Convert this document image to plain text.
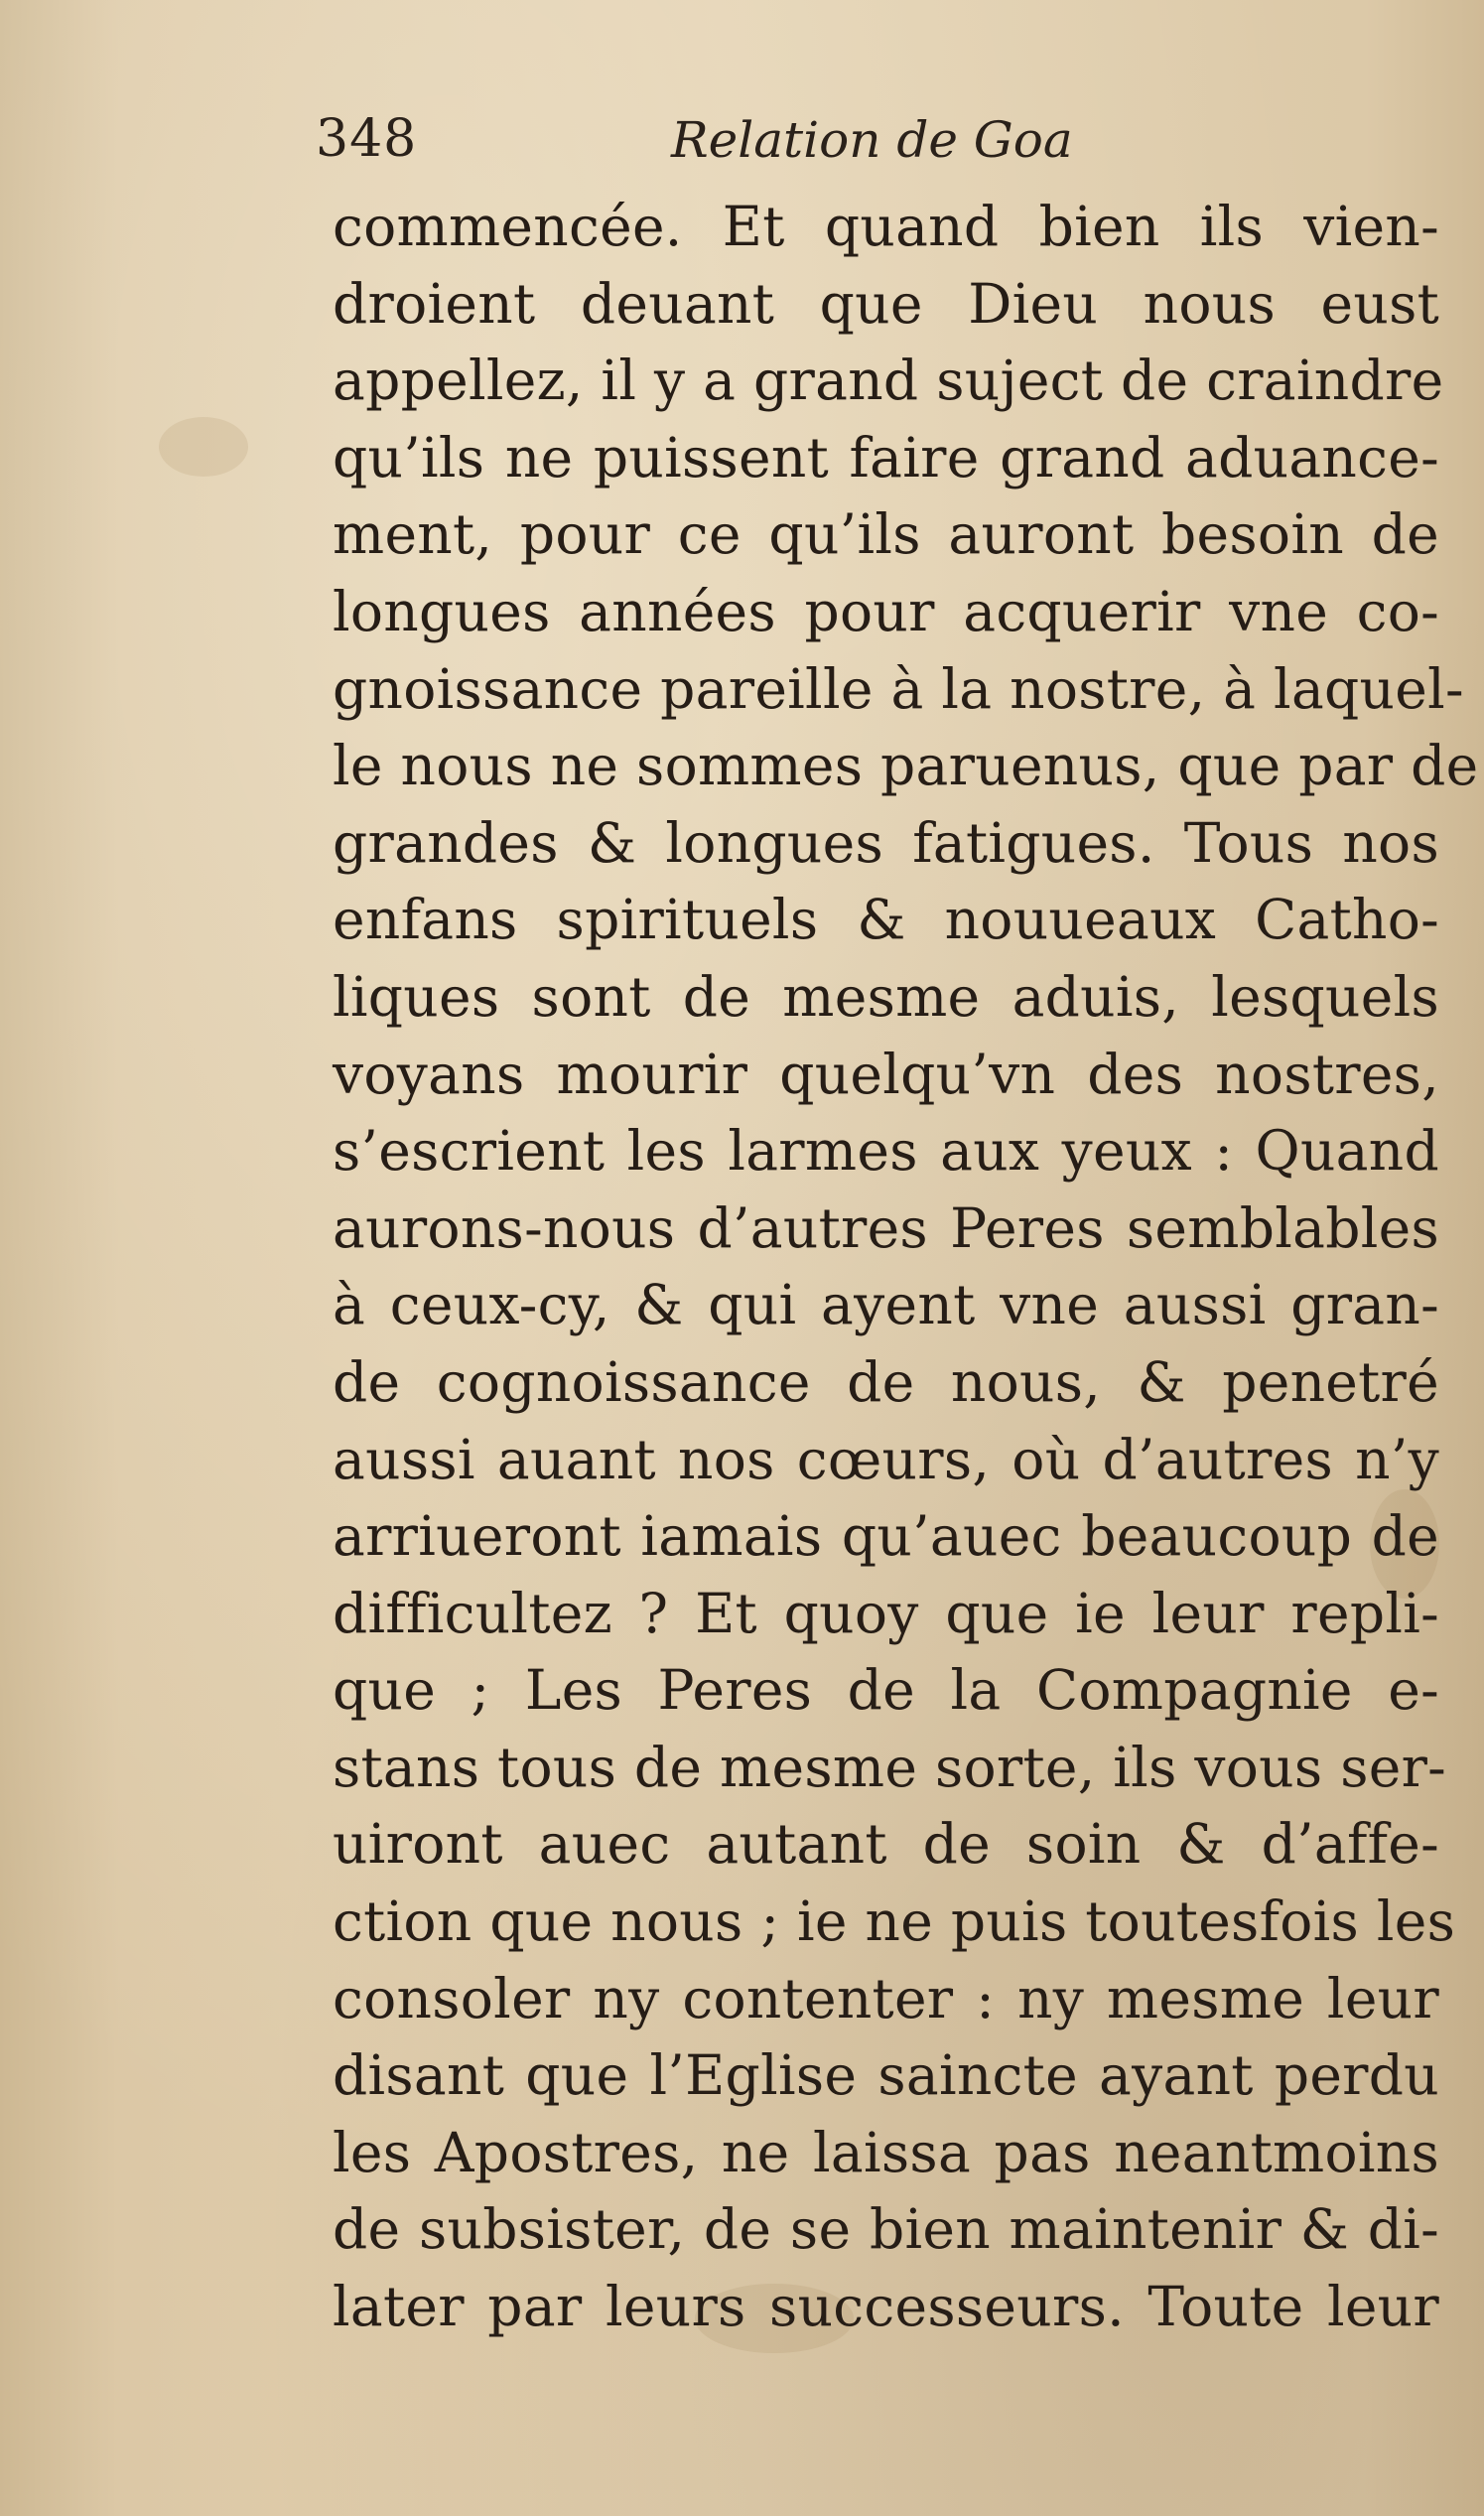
348	Relation de Goa
commencée. Et quand bien ils vien-
droient deuant que Dieu nous eust
appellez, il y a grand suject de craindre
qu’ils ne puissent faire grand aduance-
ment, pour ce qu’ils auront besoin de
longues années pour acquerir vne co-
gnoissance pareille à la nostre, à laquel-
le nous ne sommes paruenus, que par de
grandes & longues fatigues. Tous nos
enfans spirituels & nouueaux Catho-
liques sont de mesme aduis, lesquels
voyans mourir quelqu’vn des nostres,
s’escrient les larmes aux yeux : Quand
aurons-nous d’autres Peres semblables
à ceux-cy, & qui ayent vne aussi gran-
de cognoissance de nous, & penetré
aussi auant nos cœurs, où d’autres n’y
arriueront iamais qu’auec beaucoup de
difficultez ? Et quoy que ie leur repli-
que ; Les Peres de la Compagnie e-
stans tous de mesme sorte, ils vous ser-
uiront auec autant de soin & d’affe-
ction que nous ; ie ne puis toutesfois les
consoler ny contenter : ny mesme leur
disant que l’Eglise saincte ayant perdu
les Apostres, ne laissa pas neantmoins
de subsister, de se bien maintenir & di-
later par leurs successeurs. Toute leur
